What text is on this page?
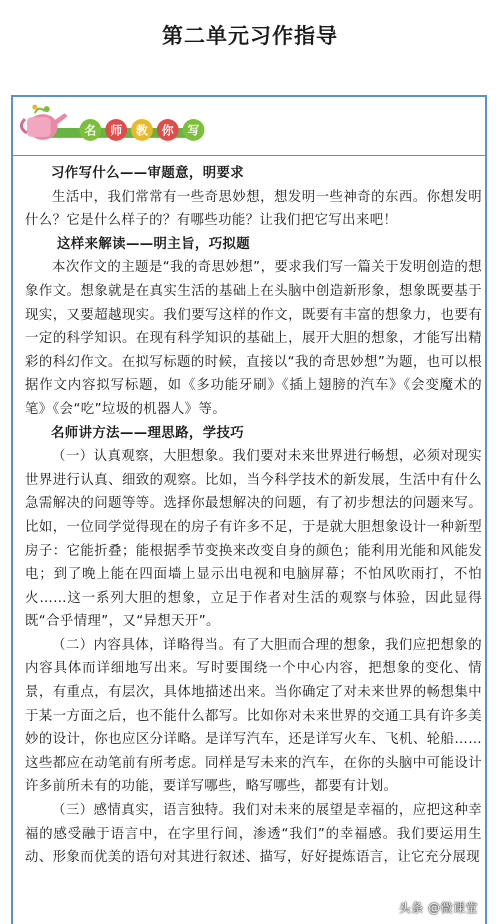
第二单元习作指导
名 师 教 你 写
习作写什么——审题意，明要求

生活中，我们常常有一些奇思妙想，想发明一些神奇的东西。你想发明什么？它是什么样子的？有哪些功能？让我们把它写出来吧！

这样来解读——明主旨，巧拟题

本次作文的主题是“我的奇思妙想”，要求我们写一篇关于发明创造的想象作文。想象就是在真实生活的基础上在头脑中创造新形象，想象既要基于现实，又要超越现实。我们要写这样的作文，既要有丰富的想象力，也要有一定的科学知识。在现有科学知识的基础上，展开大胆的想象，才能写出精彩的科幻作文。在拟写标题的时候，直接以“我的奇思妙想”为题，也可以根据作文内容拟写标题，如《多功能牙刷》《插上翅膀的汽车》《会变魔术的笔》《会“吃”垃圾的机器人》等。

名师讲方法——理思路，学技巧

（一）认真观察，大胆想象。我们要对未来世界进行畅想，必须对现实世界进行认真、细致的观察。比如，当今科学技术的新发展，生活中有什么急需解决的问题等等。选择你最想解决的问题，有了初步想法的问题来写。比如，一位同学觉得现在的房子有许多不足，于是就大胆想象设计一种新型房子：它能折叠；能根据季节变换来改变自身的颜色；能利用光能和风能发电；到了晚上能在四面墙上显示出电视和电脑屏幕；不怕风吹雨打，不怕火……这一系列大胆的想象，立足于作者对生活的观察与体验，因此显得既“合乎情理”，又“异想天开”。

（二）内容具体，详略得当。有了大胆而合理的想象，我们应把想象的内容具体而详细地写出来。写时要围绕一个中心内容，把想象的变化、情景，有重点，有层次，具体地描述出来。当你确定了对未来世界的畅想集中于某一方面之后，也不能什么都写。比如你对未来世界的交通工具有许多美妙的设计，你也应区分详略。是详写汽车，还是详写火车、飞机、轮船……这些都应在动笔前有所考虑。同样是写未来的汽车，在你的头脑中可能设计许多前所未有的功能，要详写哪些，略写哪些，都要有计划。

（三）感情真实，语言独特。我们对未来的展望是幸福的，应把这种幸福的感受融于语言中，在字里行间，渗透“我们”的幸福感。我们要运用生动、形象而优美的语句对其进行叙述、描写，好好提炼语言，让它充分展现

头条 @微课堂
